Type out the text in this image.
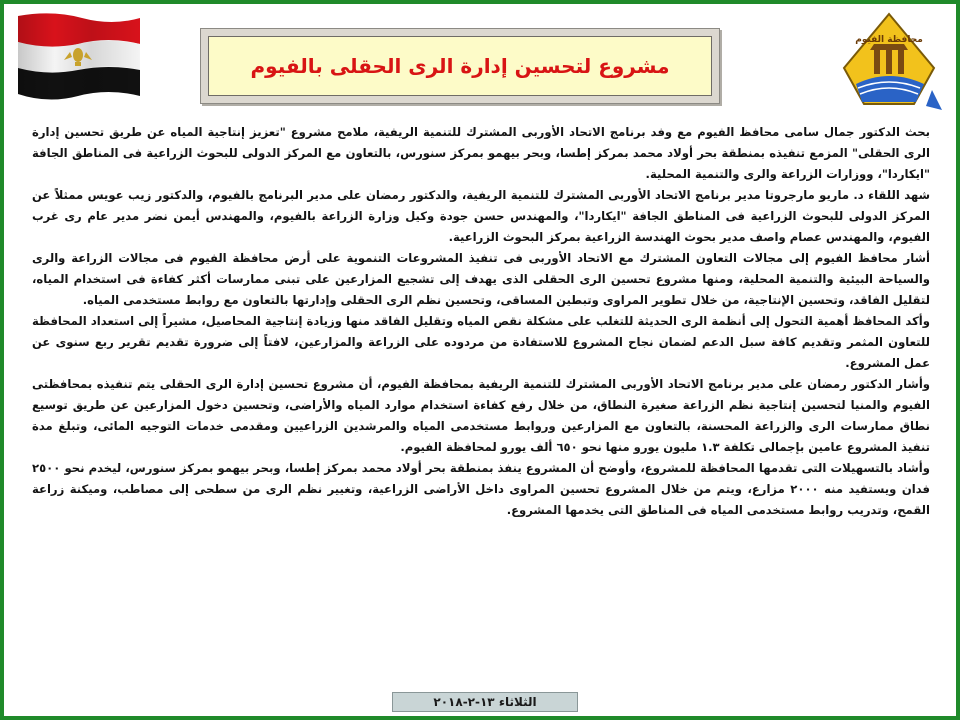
مشروع لتحسين إدارة الرى الحقلى بالفيوم
محافظة الفيوم

بحث الدكتور جمال سامى محافظ الفيوم مع وفد برنامج الاتحاد الأوربى المشترك للتنمية الريفية، ملامح مشروع "تعزيز إنتاجية المياه عن طريق تحسين إدارة الرى الحقلى" المزمع تنفيذه بمنطقة بحر أولاد محمد بمركز إطسا، وبحر بيهمو بمركز سنورس، بالتعاون مع المركز الدولى للبحوث الزراعية فى المناطق الجافة "ايكاردا"، ووزارات الزراعة والرى والتنمية المحلية.

شهد اللقاء د. ماريو مارجروتا مدير برنامج الاتحاد الأوربى المشترك للتنمية الريفية، والدكتور رمضان على مدير البرنامج بالفيوم، والدكتور زيب عويس ممثلاً عن المركز الدولى للبحوث الزراعية فى المناطق الجافة "ايكاردا"، والمهندس حسن جودة وكيل وزارة الزراعة بالفيوم، والمهندس أيمن نضر مدير عام رى غرب الفيوم، والمهندس عصام واصف مدير بحوث الهندسة الزراعية بمركز البحوث الزراعية.

أشار محافظ الفيوم إلى مجالات التعاون المشترك مع الاتحاد الأوربى فى تنفيذ المشروعات التنموية على أرض محافظة الفيوم فى مجالات الزراعة والرى والسياحة البيئية والتنمية المحلية، ومنها مشروع تحسين الرى الحقلى الذى يهدف إلى تشجيع المزارعين على تبنى ممارسات أكثر كفاءة فى استخدام المياه، لتقليل الفاقد، وتحسين الإنتاجية، من خلال تطوير المراوى وتبطين المساقى، وتحسين نظم الرى الحقلى وإدارتها بالتعاون مع روابط مستخدمى المياه.

وأكد المحافظ أهمية التحول إلى أنظمة الرى الحديثة للتغلب على مشكلة نقص المياه وتقليل الفاقد منها وزيادة إنتاجية المحاصيل، مشيراً إلى استعداد المحافظة للتعاون المثمر وتقديم كافة سبل الدعم لضمان نجاح المشروع للاستفادة من مردوده على الزراعة والمزارعين، لافتاً إلى ضرورة تقديم تقرير ربع سنوى عن عمل المشروع.

وأشار الدكتور رمضان على مدير برنامج الاتحاد الأوربى المشترك للتنمية الريفية بمحافظة الفيوم، أن مشروع تحسين إدارة الرى الحقلى يتم تنفيذه بمحافظتى الفيوم والمنيا لتحسين إنتاجية نظم الزراعة صغيرة النطاق، من خلال رفع كفاءة استخدام موارد المياه والأراضى، وتحسين دخول المزارعين عن طريق توسيع نطاق ممارسات الرى والزراعة المحسنة، بالتعاون مع المزارعين وروابط مستخدمى المياه والمرشدين الزراعيين ومقدمى خدمات التوجيه المائى، وتبلغ مدة تنفيذ المشروع عامين بإجمالى تكلفة ١.٣ مليون يورو منها نحو ٦٥٠ ألف يورو لمحافظة الفيوم.

وأشاد بالتسهيلات التى تقدمها المحافظة للمشروع، وأوضح أن المشروع ينفذ بمنطقة بحر أولاد محمد بمركز إطسا، وبحر بيهمو بمركز سنورس، ليخدم نحو ٢٥٠٠ فدان ويستفيد منه ٢٠٠٠ مزارع، ويتم من خلال المشروع تحسين المراوى داخل الأراضى الزراعية، وتغيير نظم الرى من سطحى إلى مصاطب، وميكنة زراعة القمح، وتدريب روابط مستخدمى المياه فى المناطق التى يخدمها المشروع.

الثلاثاء ١٣-٢-٢٠١٨
